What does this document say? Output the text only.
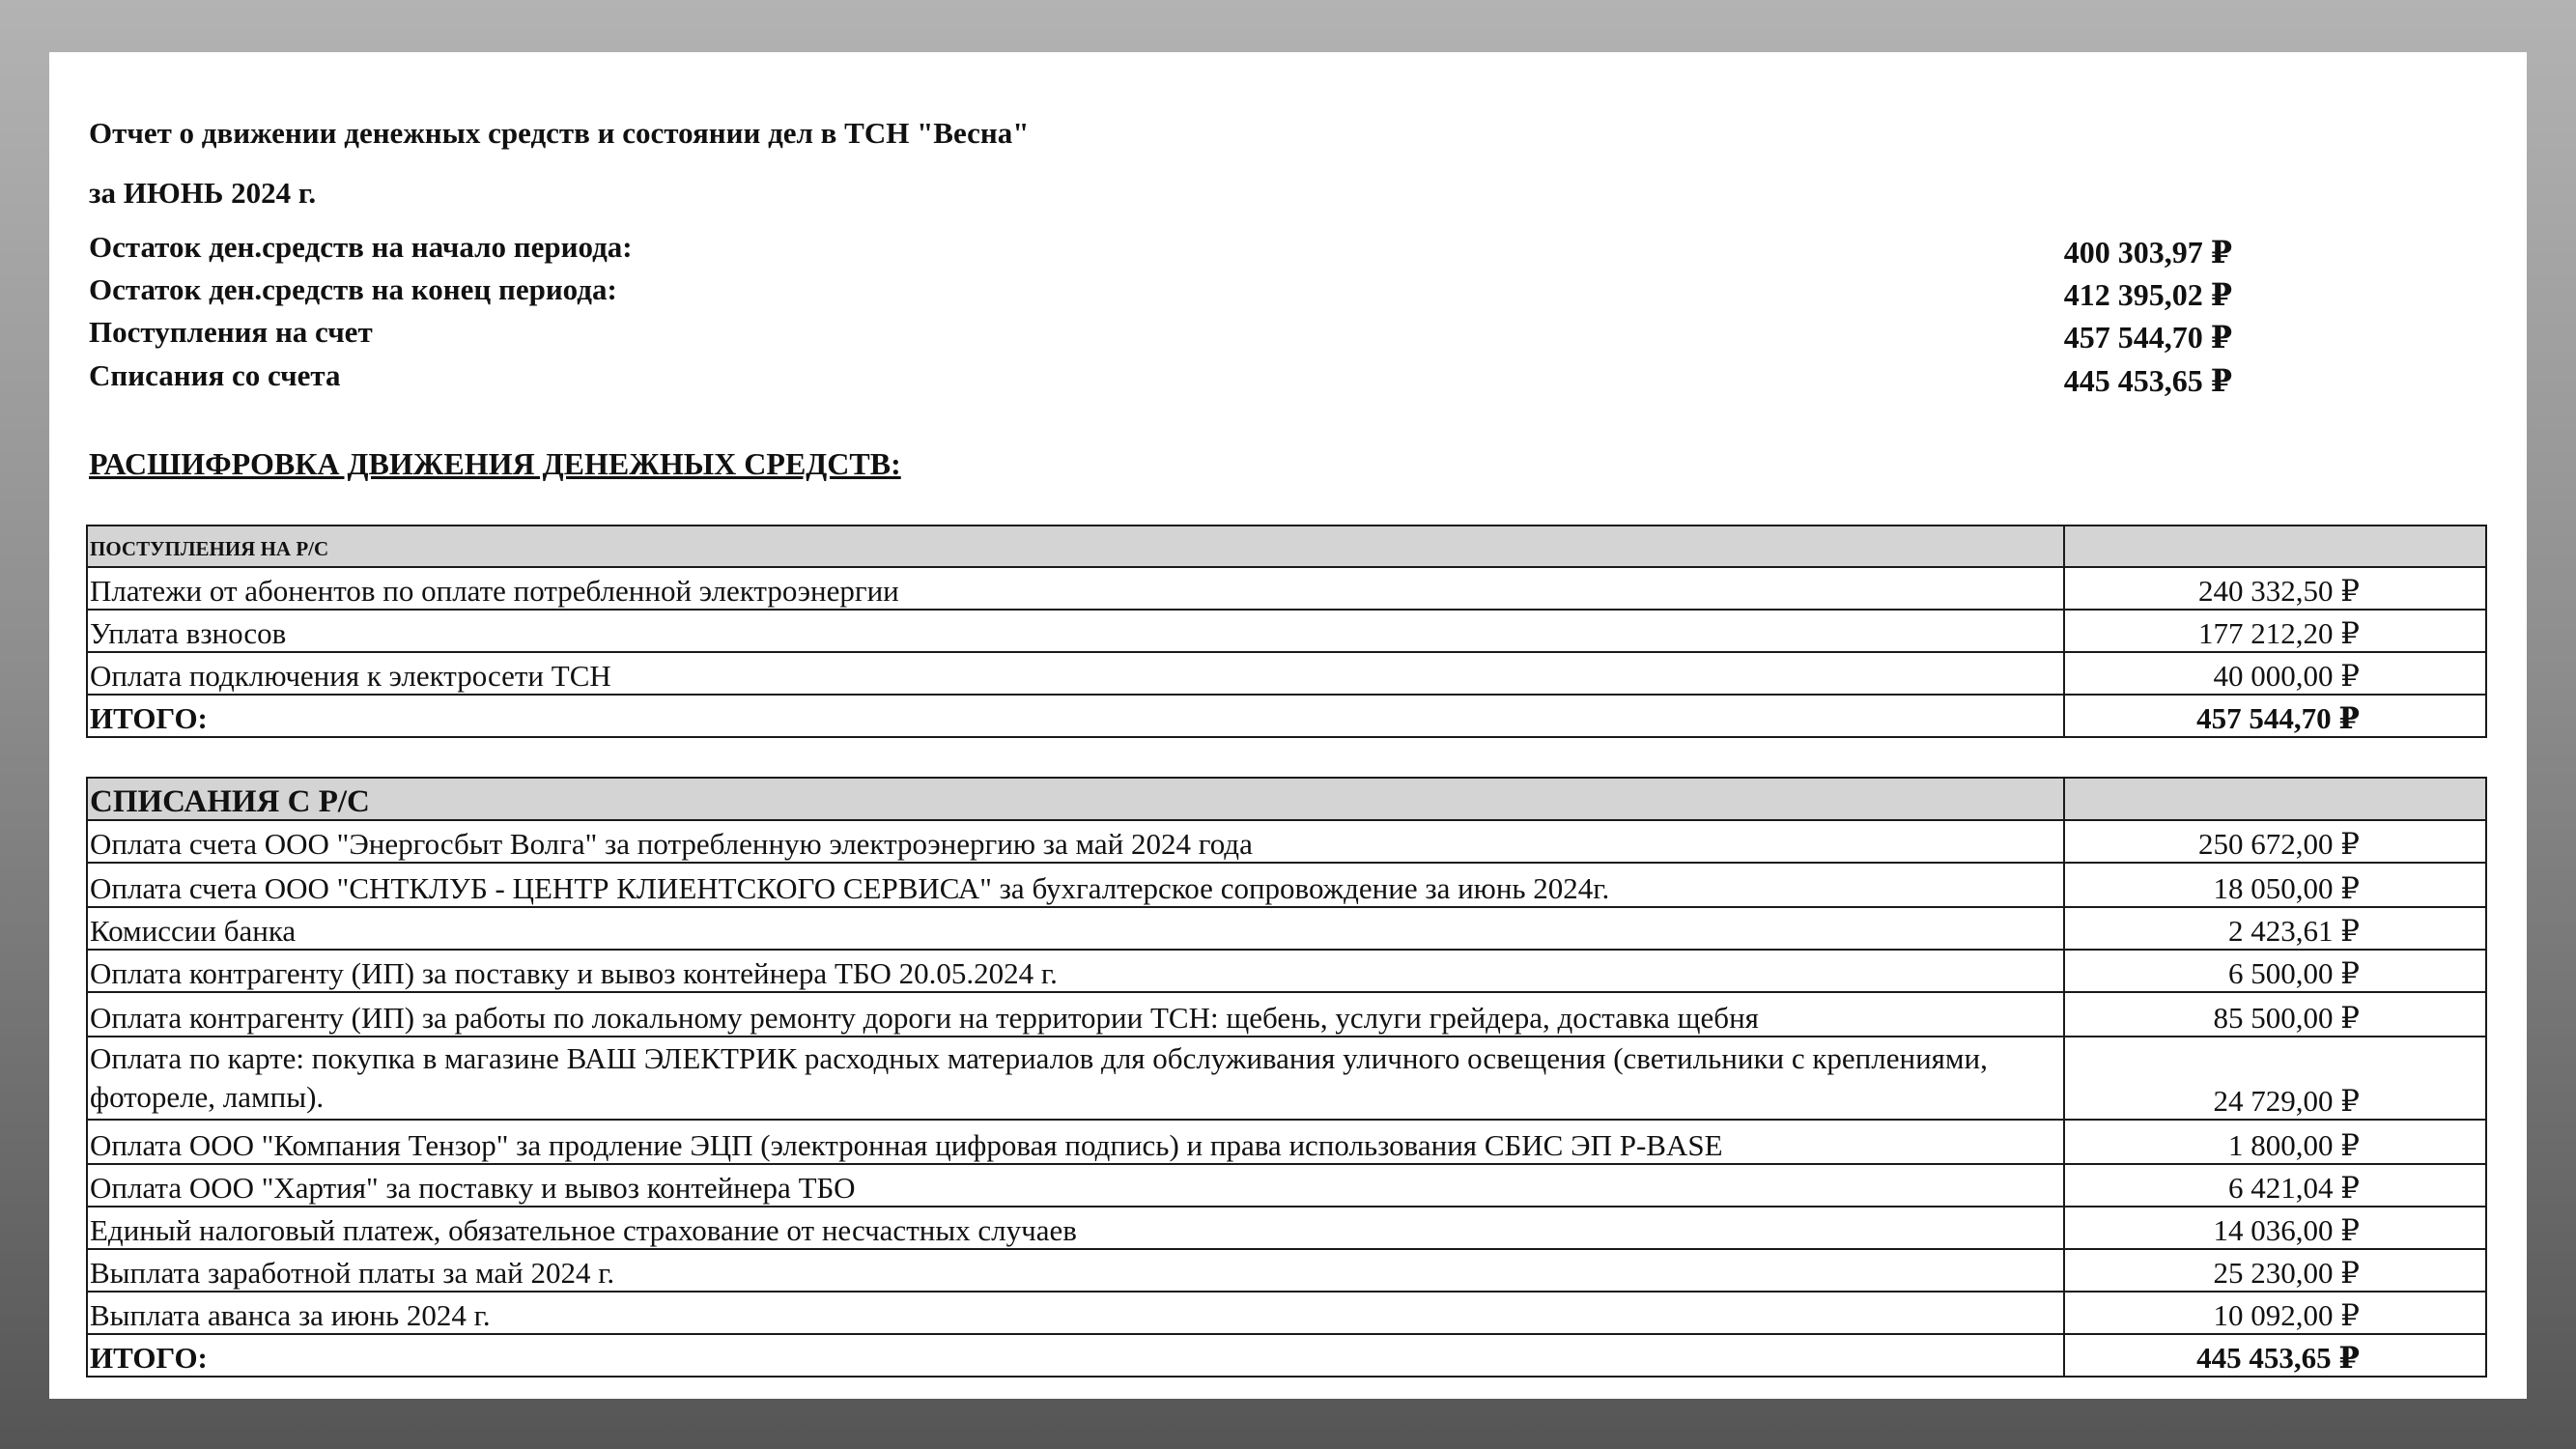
Отчет о движении денежных средств и состоянии дел в ТСН "Весна"
за ИЮНЬ 2024 г.
Остаток ден.средств на начало периода:	400 303,97 ₽
Остаток ден.средств на конец периода:	412 395,02 ₽
Поступления на счет	457 544,70 ₽
Списания со счета	445 453,65 ₽
РАСШИФРОВКА ДВИЖЕНИЯ ДЕНЕЖНЫХ СРЕДСТВ:
ПОСТУПЛЕНИЯ НА Р/С	
Платежи от абонентов по оплате потребленной электроэнергии	240 332,50 ₽
Уплата взносов	177 212,20 ₽
Оплата подключения к электросети ТСН	40 000,00 ₽
ИТОГО:	457 544,70 ₽
СПИСАНИЯ С Р/С	
Оплата счета ООО "Энергосбыт Волга" за потребленную электроэнергию за май 2024 года	250 672,00 ₽
Оплата счета ООО "СНТКЛУБ - ЦЕНТР КЛИЕНТСКОГО СЕРВИСА" за бухгалтерское сопровождение за июнь 2024г.	18 050,00 ₽
Комиссии банка	2 423,61 ₽
Оплата контрагенту (ИП) за поставку и вывоз контейнера ТБО 20.05.2024 г.	6 500,00 ₽
Оплата контрагенту (ИП) за работы по локальному ремонту дороги на территории ТСН: щебень, услуги грейдера, доставка щебня	85 500,00 ₽
Оплата по карте: покупка в магазине ВАШ ЭЛЕКТРИК расходных материалов для обслуживания уличного освещения (светильники с креплениями, фотореле, лампы).	24 729,00 ₽
Оплата ООО "Компания Тензор" за продление ЭЦП (электронная цифровая подпись) и права использования СБИС ЭП P-BASE	1 800,00 ₽
Оплата ООО "Хартия" за поставку и вывоз контейнера ТБО	6 421,04 ₽
Единый налоговый платеж, обязательное страхование от несчастных случаев	14 036,00 ₽
Выплата заработной платы за май 2024 г.	25 230,00 ₽
Выплата аванса за июнь 2024 г.	10 092,00 ₽
ИТОГО:	445 453,65 ₽
